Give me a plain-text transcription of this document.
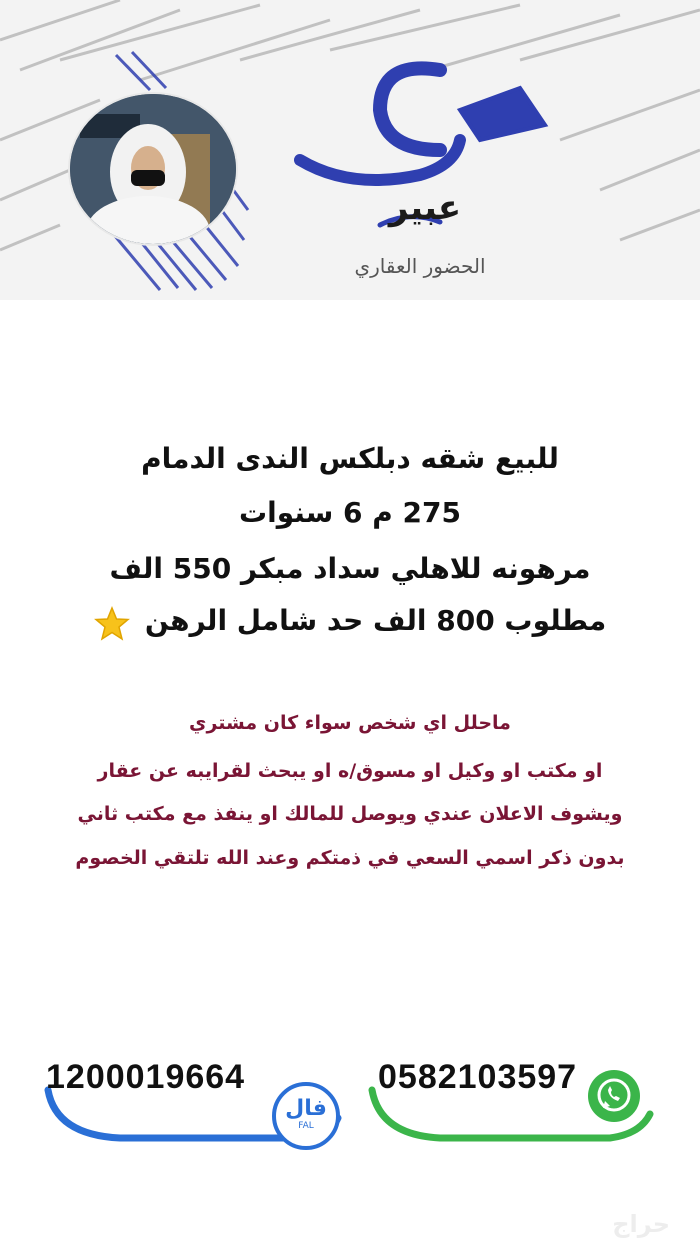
عبير
الحضور العقاري
للبيع شقه دبلكس الندى الدمام
275 م 6 سنوات
مرهونه للاهلي سداد مبكر 550 الف
مطلوب 800 الف حد شامل الرهن
ماحلل اي شخص سواء كان مشتري
او مكتب او وكيل او مسوق/ه او يبحث لقرايبه عن عقار
ويشوف الاعلان عندي ويوصل للمالك او ينفذ مع مكتب ثاني
بدون ذكر اسمي السعي في ذمتكم وعند الله تلتقي الخصوم
1200019664
فال
FAL
0582103597
حراج
